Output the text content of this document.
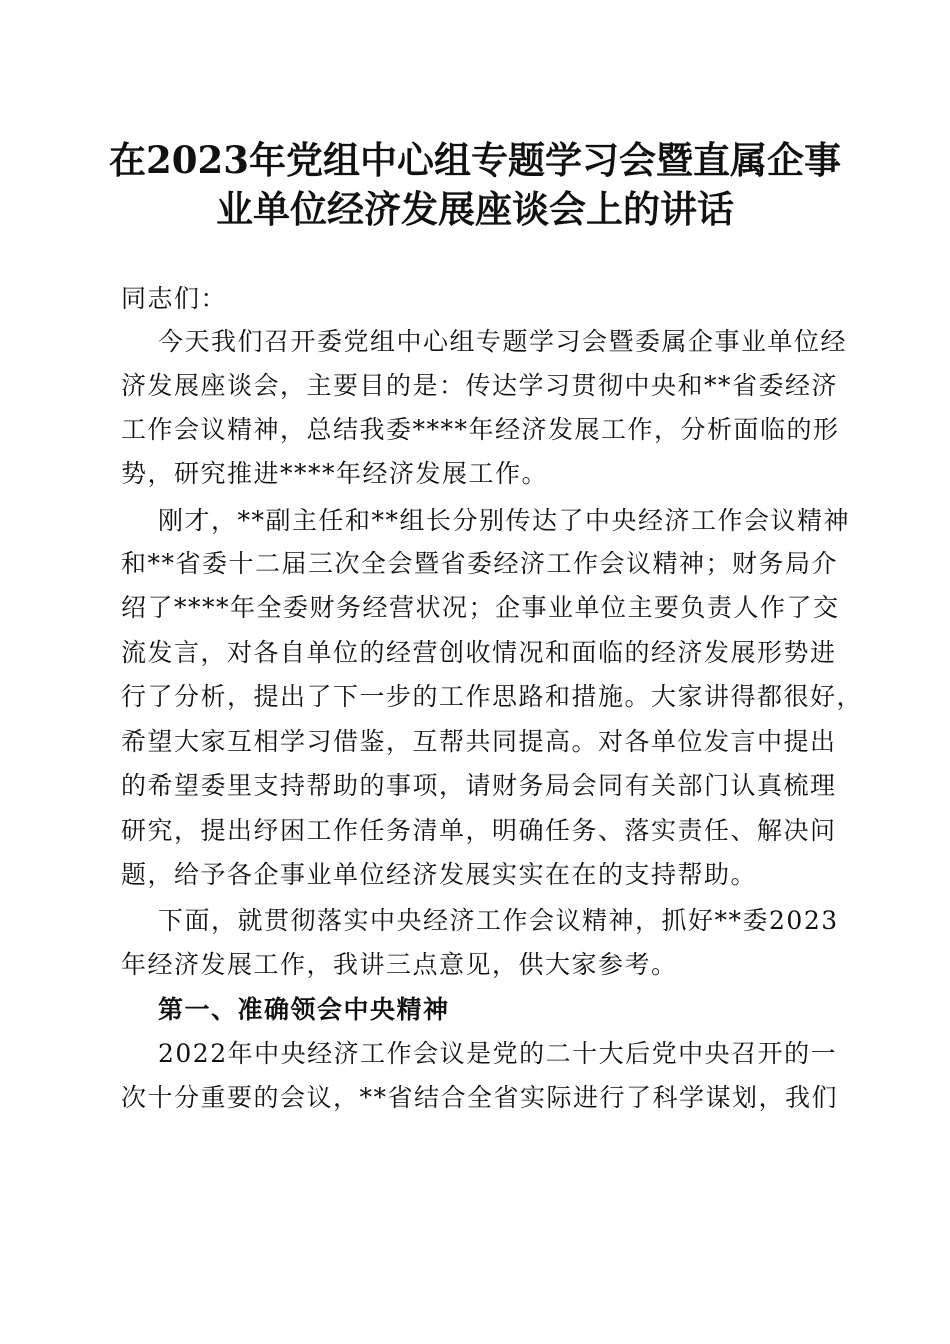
在2023年党组中心组专题学习会暨直属企事
业单位经济发展座谈会上的讲话

同志们：

今天我们召开委党组中心组专题学习会暨委属企事业单位经

济发展座谈会，主要目的是：传达学习贯彻中央和**省委经济

工作会议精神，总结我委****年经济发展工作，分析面临的形

势，研究推进****年经济发展工作。

刚才，**副主任和**组长分别传达了中央经济工作会议精神

和**省委十二届三次全会暨省委经济工作会议精神；财务局介

绍了****年全委财务经营状况；企事业单位主要负责人作了交

流发言，对各自单位的经营创收情况和面临的经济发展形势进

行了分析，提出了下一步的工作思路和措施。大家讲得都很好，

希望大家互相学习借鉴，互帮共同提高。对各单位发言中提出

的希望委里支持帮助的事项，请财务局会同有关部门认真梳理

研究，提出纾困工作任务清单，明确任务、落实责任、解决问

题，给予各企事业单位经济发展实实在在的支持帮助。

下面，就贯彻落实中央经济工作会议精神，抓好**委2023

年经济发展工作，我讲三点意见，供大家参考。

第一、准确领会中央精神

2022年中央经济工作会议是党的二十大后党中央召开的一

次十分重要的会议，**省结合全省实际进行了科学谋划，我们
